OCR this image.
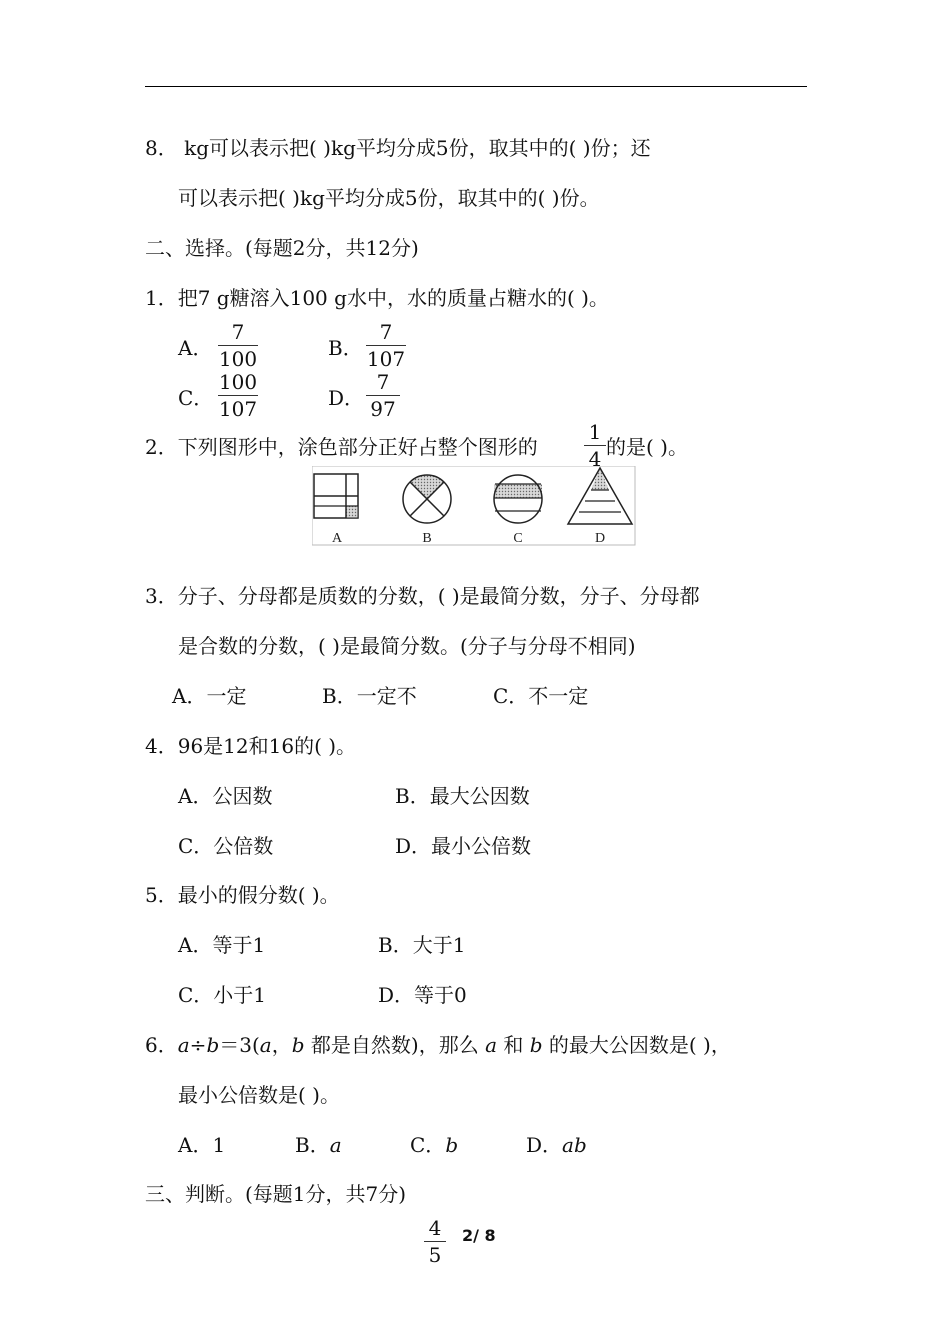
8． kg可以表示把( )kg平均分成5份，取其中的( )份；还
可以表示把( )kg平均分成5份，取其中的( )份。
二、选择。(每题2分，共12分)
1．把7 g糖溶入100 g水中，水的质量占糖水的( )。
A．
7
100	B．
7
107
C．
100
107	D．
7
97
2．下列图形中，涂色部分正好占整个图形的
1
4 的是( )。
A	B	C	D
3．分子、分母都是质数的分数，( )是最简分数，分子、分母都
是合数的分数，( )是最简分数。(分子与分母不相同)
A．一定	B．一定不	C．不一定
4．96是12和16的( )。
A．公因数	B．最大公因数
C．公倍数	D．最小公倍数
5．最小的假分数( )。
A．等于1	B．大于1
C．小于1	D．等于0
6．a÷b＝3(a，b 都是自然数)，那么 a 和 b 的最大公因数是( )，
最小公倍数是( )。
A．1	B．a	C．b	D．ab
三、判断。(每题1分，共7分)
4
5
2/ 8
